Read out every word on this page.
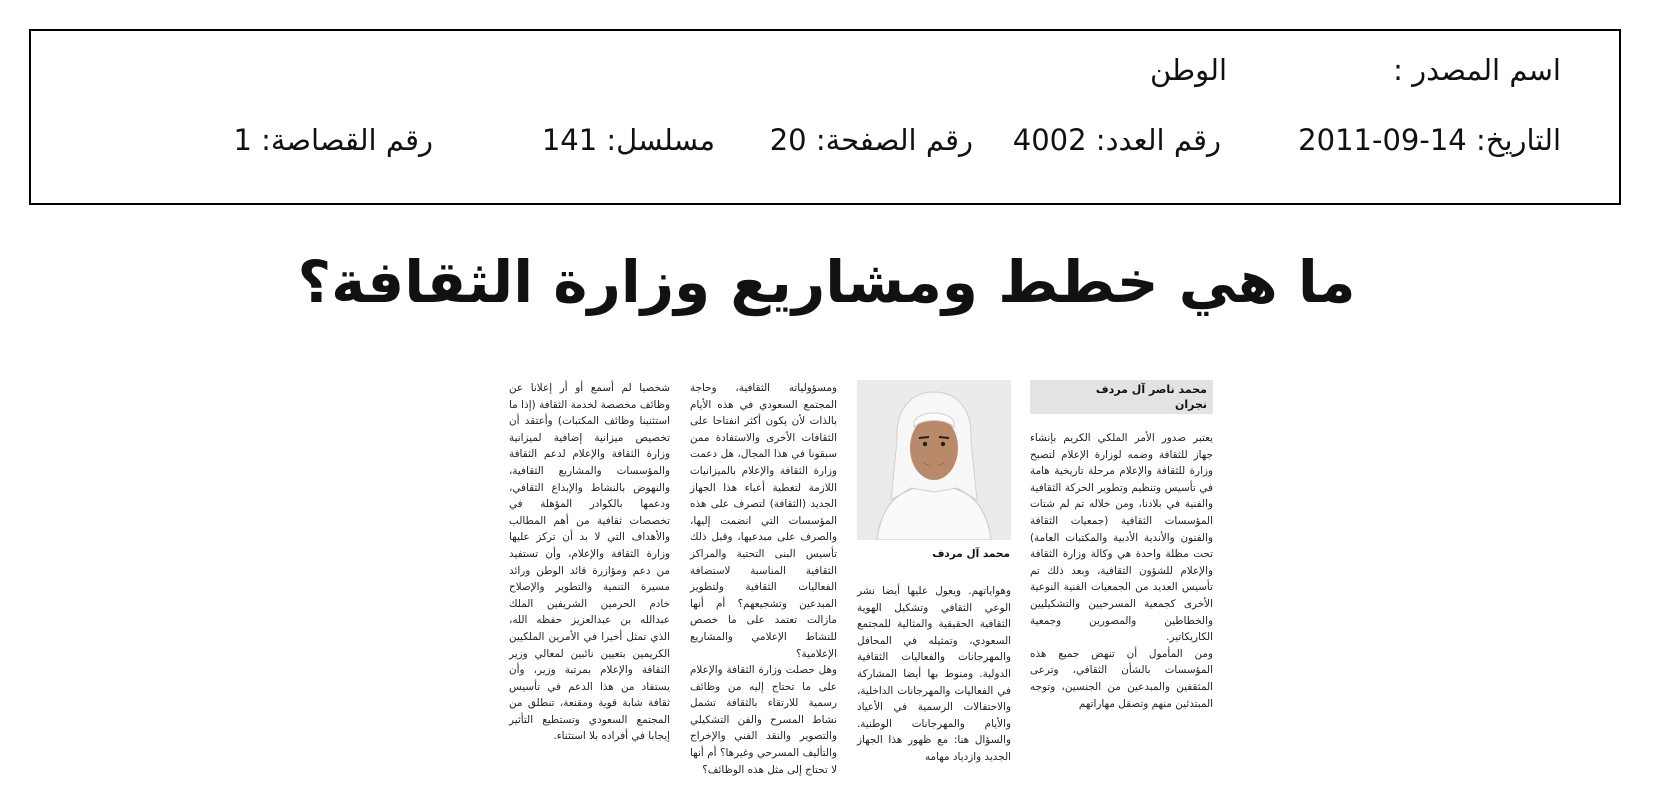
اسم المصدر :
الوطن
التاريخ: 14-09-2011
رقم العدد: 4002
رقم الصفحة: 20
مسلسل: 141
رقم القصاصة: 1
ما هي خطط ومشاريع وزارة الثقافة؟
محمد ناصر آل مردف
نجران
محمد آل مردف

يعتبر صدور الأمر الملكي الكريم بإنشاء جهاز للثقافة وضمه لوزارة الإعلام لتصبح وزارة للثقافة والإعلام مرحلة تاريخية هامة في تأسيس وتنظيم وتطوير الحركة الثقافية والفنية في بلادنا، ومن خلاله تم لم شتات المؤسسات الثقافية (جمعيات الثقافة والفنون والأندية الأدبية والمكتبات العامة) تحت مظلة واحدة هي وكالة وزارة الثقافة والإعلام للشؤون الثقافية، وبعد ذلك تم تأسيس العديد من الجمعيات الفنية النوعية الأخرى كجمعية المسرحيين والتشكيليين والخطاطين والمصورين وجمعية الكاريكاتير.

ومن المأمول أن تنهض جميع هذه المؤسسات بالشأن الثقافي، وترعى المثقفين والمبدعين من الجنسين، وتوجه المبتدئين منهم وتصقل مهاراتهم

وهواياتهم. ويعول عليها أيضا نشر الوعي الثقافي وتشكيل الهوية الثقافية الحقيقية والمثالية للمجتمع السعودي، وتمثيله في المحافل والمهرجانات والفعاليات الثقافية الدولية. ومنوط بها أيضا المشاركة في الفعاليات والمهرجانات الداخلية، والاحتفالات الرسمية في الأعياد والأيام والمهرجانات الوطنية. والسؤال هنا: مع ظهور هذا الجهاز الجديد وازدياد مهامه

ومسؤولياته الثقافية، وحاجة المجتمع السعودي في هذه الأيام بالذات لأن يكون أكثر انفتاحا على الثقافات الأخرى والاستفادة ممن سبقونا في هذا المجال، هل دعمت وزارة الثقافة والإعلام بالميزانيات اللازمة لتغطية أعباء هذا الجهاز الجديد (الثقافة) لتصرف على هذه المؤسسات التي انضمت إليها، والصرف على مبدعيها، وقبل ذلك تأسيس البنى التحتية والمراكز الثقافية المناسبة لاستضافة الفعاليات الثقافية ولتطوير المبدعين وتشجيعهم؟ أم أنها مازالت تعتمد على ما خصص للنشاط الإعلامي والمشاريع الإعلامية؟

وهل حصلت وزارة الثقافة والإعلام على ما تحتاج إليه من وظائف رسمية للارتقاء بالثقافة تشمل نشاط المسرح والفن التشكيلي والتصوير والنقد الفني والإخراج والتأليف المسرحي وغيرها؟ أم أنها لا تحتاج إلى مثل هذه الوظائف؟

شخصيا لم أسمع أو أر إعلانا عن وظائف مخصصة لخدمة الثقافة (إذا ما استثنينا وظائف المكتبات) وأعتقد أن تخصيص ميزانية إضافية لميزانية وزارة الثقافة والإعلام لدعم الثقافة والمؤسسات والمشاريع الثقافية، والنهوض بالنشاط والإبداع الثقافي، ودعمها بالكوادر المؤهلة في تخصصات ثقافية من أهم المطالب والأهداف التي لا بد أن تركز عليها وزارة الثقافة والإعلام، وأن تستفيد من دعم ومؤازرة قائد الوطن ورائد مسيرة التنمية والتطوير والإصلاح خادم الحرمين الشريفين الملك عبدالله بن عبدالعزيز حفظه الله، الذي تمثل أخيرا في الأمرين الملكيين الكريمين بتعيين نائبين لمعالي وزير الثقافة والإعلام بمرتبة وزير، وأن يستفاد من هذا الدعم في تأسيس ثقافة شابة قوية ومقنعة، تنطلق من المجتمع السعودي وتستطيع التأثير إيجابا في أفراده بلا استثناء.
